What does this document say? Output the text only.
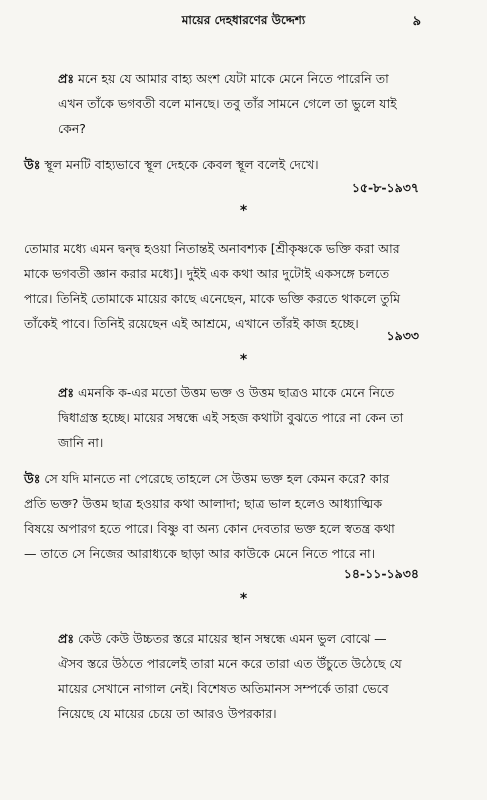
মায়ের দেহধারণের উদ্দেশ্য	৯

প্রঃ মনে হয় যে আমার বাহ্য অংশ যেটা মাকে মেনে নিতে পারেনি তা
এখন তাঁকে ভগবতী বলে মানছে। তবু তাঁর সামনে গেলে তা ভুলে যাই
কেন?

উঃ স্থূল মনটি বাহ্যভাবে স্থূল দেহকে কেবল স্থূল বলেই দেখে।

১৫-৮-১৯৩৭
*

তোমার মধ্যে এমন দ্বন্দ্ব হওয়া নিতান্তই অনাবশ্যক [শ্রীকৃষ্ণকে ভক্তি করা আর
মাকে ভগবতী জ্ঞান করার মধ্যে]। দুইই এক কথা আর দুটোই একসঙ্গে চলতে
পারে। তিনিই তোমাকে মায়ের কাছে এনেছেন, মাকে ভক্তি করতে থাকলে তুমি
তাঁকেই পাবে। তিনিই রয়েছেন এই আশ্রমে, এখানে তাঁরই কাজ হচ্ছে।

১৯৩৩
*

প্রঃ এমনকি ক-এর মতো উত্তম ভক্ত ও উত্তম ছাত্রও মাকে মেনে নিতে
দ্বিধাগ্রস্ত হচ্ছে। মায়ের সম্বন্ধে এই সহজ কথাটা বুঝতে পারে না কেন তা
জানি না।

উঃ সে যদি মানতে না পেরেছে তাহলে সে উত্তম ভক্ত হল কেমন করে? কার
প্রতি ভক্ত? উত্তম ছাত্র হওয়ার কথা আলাদা; ছাত্র ভাল হলেও আধ্যাত্মিক
বিষয়ে অপারগ হতে পারে। বিষ্ণু বা অন্য কোন দেবতার ভক্ত হলে স্বতন্ত্র কথা
— তাতে সে নিজের আরাধ্যকে ছাড়া আর কাউকে মেনে নিতে পারে না।

১৪-১১-১৯৩৪
*

প্রঃ কেউ কেউ উচ্চতর স্তরে মায়ের স্থান সম্বন্ধে এমন ভুল বোঝে —
ঐসব স্তরে উঠতে পারলেই তারা মনে করে তারা এত উঁচুতে উঠেছে যে
মায়ের সেখানে নাগাল নেই। বিশেষত অতিমানস সম্পর্কে তারা ভেবে
নিয়েছে যে মায়ের চেয়ে তা আরও উপরকার।
